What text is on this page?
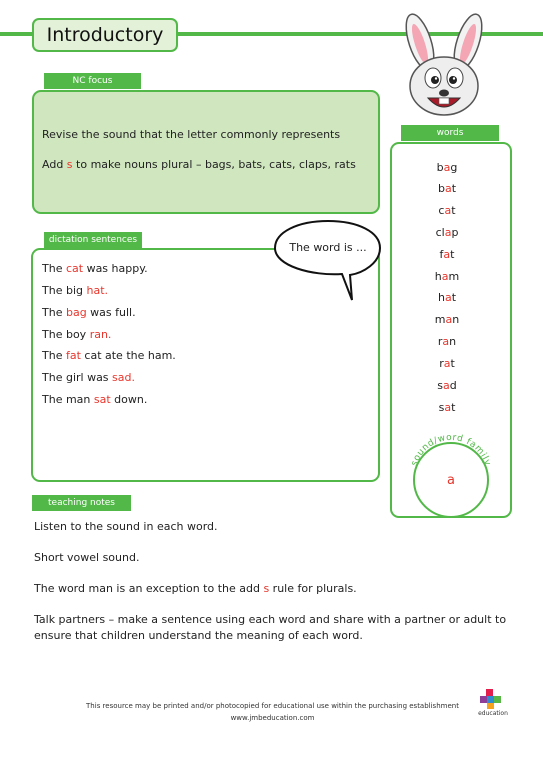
Introductory
NC focus
Revise the sound that the letter commonly represents
Add s to make nouns plural – bags, bats, cats, claps, rats
dictation sentences
The cat was happy.
The big hat.
The bag was full.
The boy ran.
The fat cat ate the ham.
The girl was sad.
The man sat down.
The word is ...
words
bag
bat
cat
clap
fat
ham
hat
man
ran
rat
sad
sat
sound/word family
a
teaching notes
Listen to the sound in each word.
Short vowel sound.
The word man is an exception to the add s rule for plurals.
Talk partners – make a sentence using each word and share with a partner or adult to
ensure that children understand the meaning of each word.
This resource may be printed and/or photocopied for educational use within the purchasing establishment
www.jmbeducation.com
education
